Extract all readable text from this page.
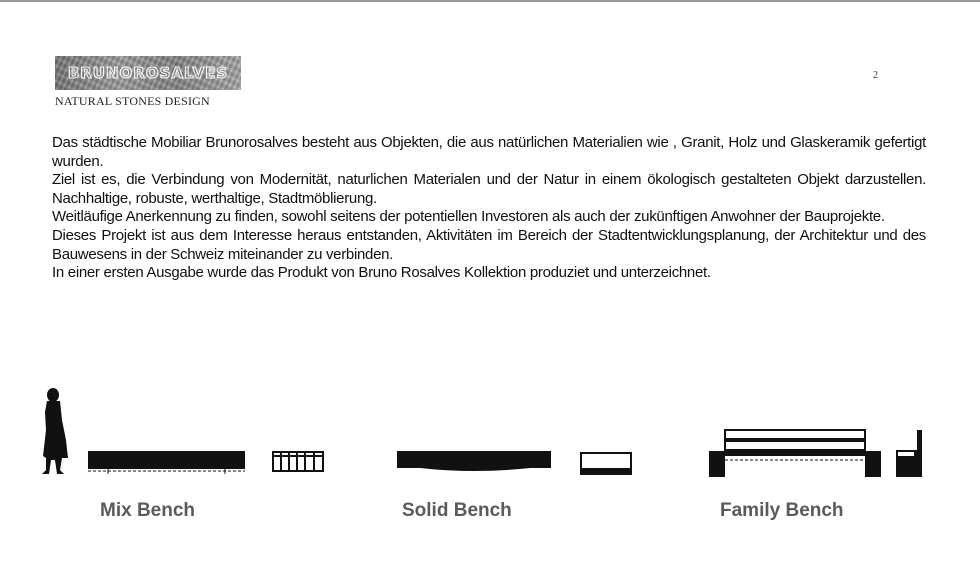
BRUNOROSALVES
NATURAL STONES DESIGN
2

Das städtische Mobiliar Brunorosalves besteht aus Objekten, die aus natürlichen Materialien wie , Granit, Holz und Glaskeramik gefertigt wurden.

Ziel ist es, die Verbindung von Modernität, naturlichen Materialen und der Natur in einem ökologisch gestalteten Objekt darzustellen. Nachhaltige, robuste, werthaltige, Stadtmöblierung.

Weitläufige Anerkennung zu finden, sowohl seitens der potentiellen Investoren als auch der zukünftigen Anwohner der Bauprojekte.

Dieses Projekt ist aus dem Interesse heraus entstanden, Aktivitäten im Bereich der Stadtentwicklungsplanung, der Architektur und des Bauwesens in der Schweiz miteinander zu verbinden.

In einer ersten Ausgabe wurde das Produkt von Bruno Rosalves Kollektion produziet und unterzeichnet.

Mix Bench	Solid Bench	Family Bench
